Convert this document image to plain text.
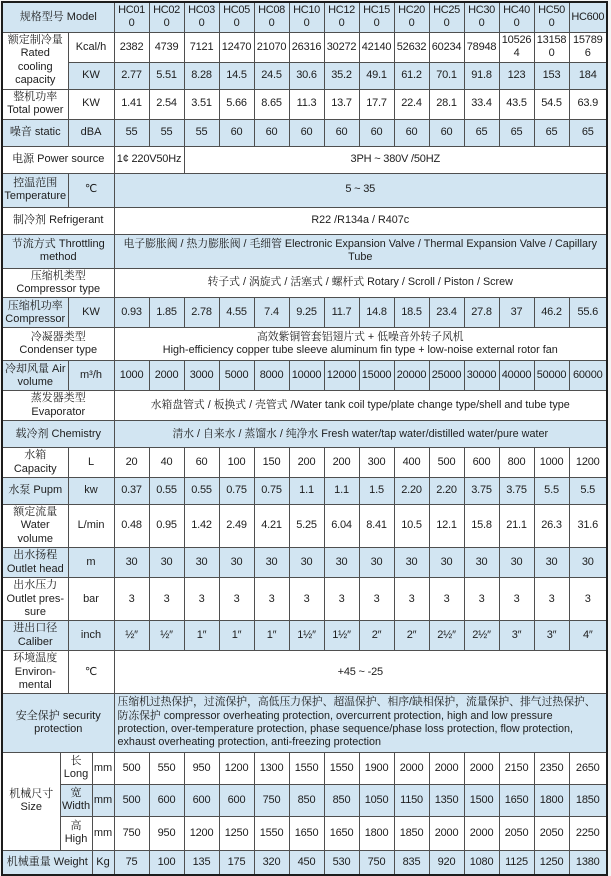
规格型号 Model				HC010	HC020	HC030	HC050	HC080	HC100	HC120	HC150	HC200	HC250	HC300	HC400	HC500	HC600
额定制冷量 Rated cooling capacity		Kcal/h		2382	4739	7121	12470	21070	26316	30272	42140	52632	60234	78948	105264	131580	157896
		KW		2.77	5.51	8.28	14.5	24.5	30.6	35.2	49.1	61.2	70.1	91.8	123	153	184
整机功率 Total power		KW		1.41	2.54	3.51	5.66	8.65	11.3	13.7	17.7	22.4	28.1	33.4	43.5	54.5	63.9
噪音 static		dBA		55	55	55	60	60	60	60	60	60	60	65	65	65	65
电源 Power source				1¢ 220V50Hz		3PH ~ 380V /50HZ											
控温范围 Temperature		℃		5 ~ 35													
制冷剂 Refrigerant				R22 /R134a / R407c													

节流方式 Throttling method				电子膨胀阀 / 热力膨胀阀 / 毛细管 Electronic Expansion Valve / Thermal Expansion Valve / Capillary Tube													

压缩机类型 Compressor type				转子式 / 涡旋式 / 活塞式 / 螺杆式 Rotary / Scroll / Piston / Screw													

压缩机功率 Compressor		KW		0.93	1.85	2.78	4.55	7.4	9.25	11.7	14.8	18.5	23.4	27.8	37	46.2	55.6
冷凝器类型 Condenser type				高效紫铜管套铝翅片式 + 低噪音外转子风机
High-efficiency copper tube sleeve aluminum fin type + low-noise external rotor fan													

冷却风量 Air volume		m³/h		1000	2000	3000	5000	8000	10000	12000	15000	20000	25000	30000	40000	50000	60000
蒸发器类型 Evaporator				水箱盘管式 / 板换式 / 壳管式 /Water tank coil type/plate change type/shell and tube type													

载冷剂 Chemistry				清水 / 自来水 / 蒸馏水 / 纯净水 Fresh water/tap water/distilled water/pure water													

水箱 Capacity		L		20	40	60	100	150	200	200	300	400	500	600	800	1000	1200
水泵 Pupm		kw		0.37	0.55	0.55	0.75	0.75	1.1	1.1	1.5	2.20	2.20	3.75	3.75	5.5	5.5
额定流量 Water volume		L/min		0.48	0.95	1.42	2.49	4.21	5.25	6.04	8.41	10.5	12.1	15.8	21.1	26.3	31.6
出水扬程 Outlet head		m		30	30	30	30	30	30	30	30	30	30	30	30	30	30
出水压力 Outlet pres-sure		bar		3	3	3	3	3	3	3	3	3	3	3	3	3	3
进出口径 Caliber		inch		½″	½″	1″	1″	1″	1½″	1½″	2″	2″	2½″	2½″	3″	3″	4″
环境温度 Environ-mental		℃		+45 ~ -25													
安全保护 security protection				压缩机过热保护，过流保护，高低压力保护、超温保护、相序/缺相保护，流量保护、排气过热保护、防冻保护 compressor overheating protection, overcurrent protection, high and low pressure protection, over-temperature protection, phase sequence/phase loss protection, flow protection, exhaust overheating protection, anti-freezing protection													

机械尺寸 Size	长 Long		mm	500	550	950	1200	1300	1550	1550	1900	2000	2000	2000	2150	2350	2650
	宽 Width		mm	500	600	600	600	750	850	850	1050	1150	1350	1500	1650	1800	1850
	高 High		mm	750	950	1200	1250	1550	1650	1650	1800	1850	2000	2000	2050	2050	2250
机械重量 Weight			Kg	75	100	135	175	320	450	530	750	835	920	1080	1125	1250	1380
